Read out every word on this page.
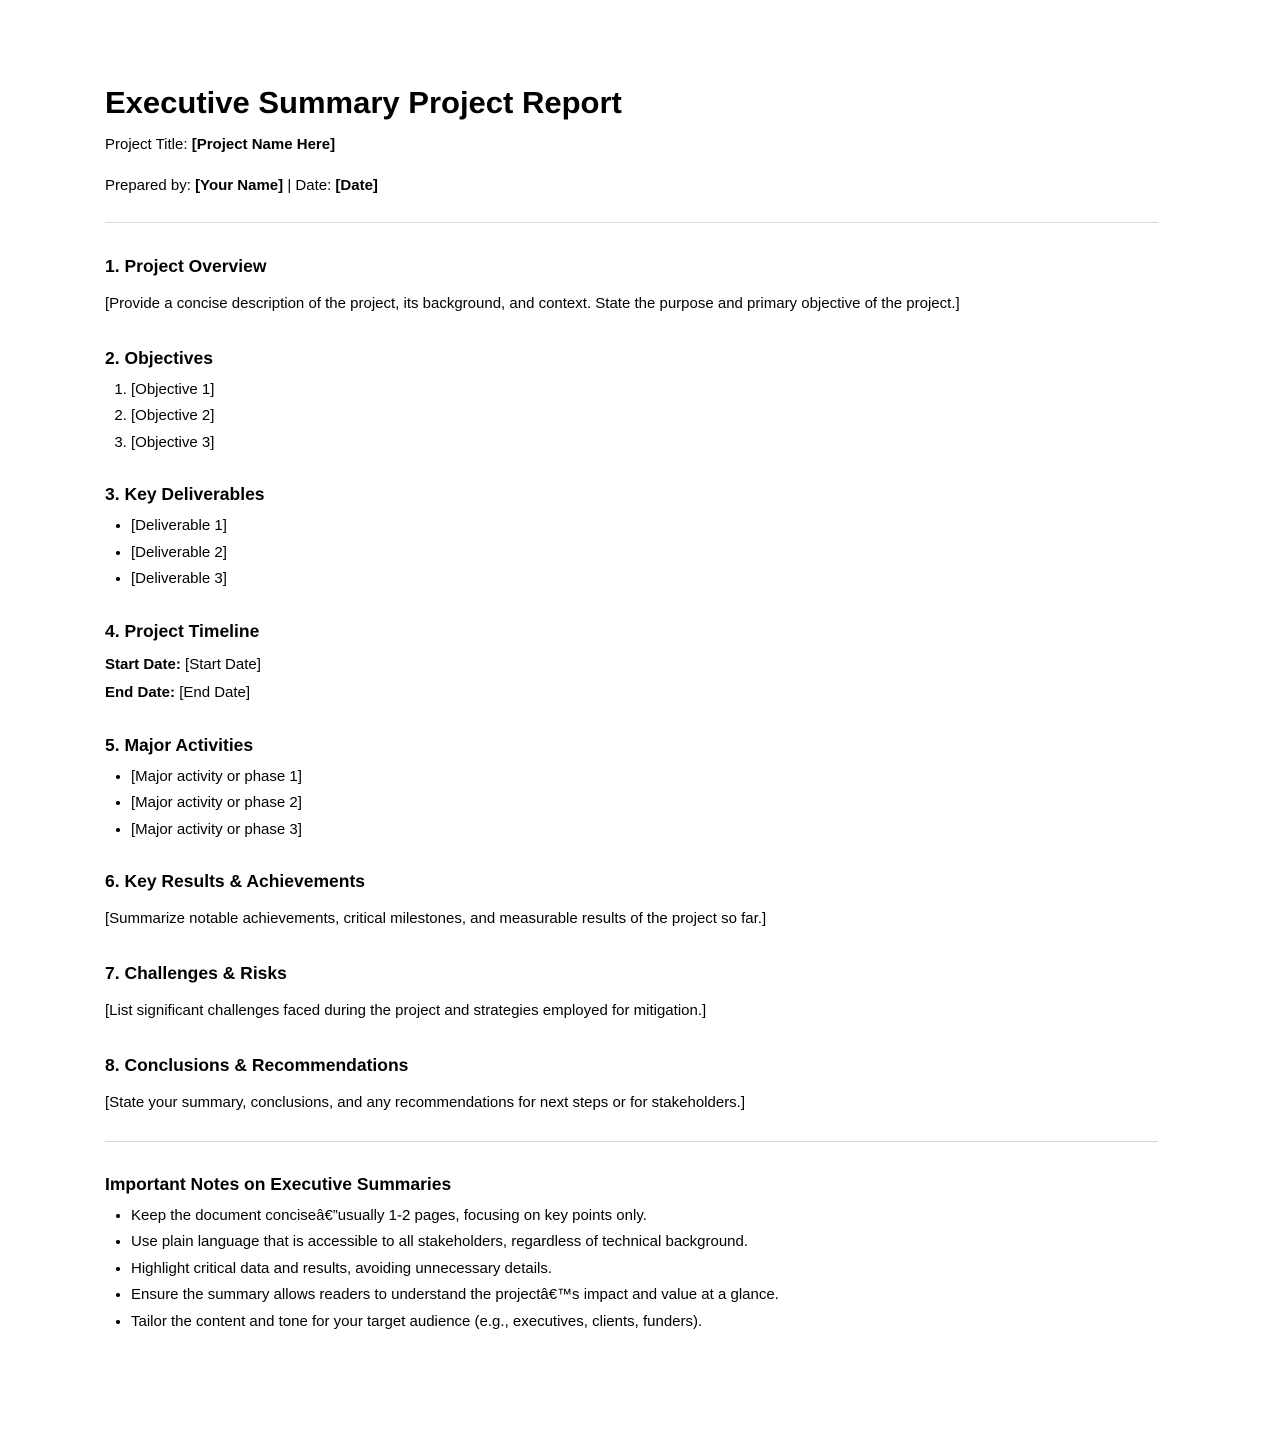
Executive Summary Project Report

Project Title: [Project Name Here]

Prepared by: [Your Name] | Date: [Date]

1. Project Overview

[Provide a concise description of the project, its background, and context. State the purpose and primary objective of the project.]

2. Objectives
1. [Objective 1]
2. [Objective 2]
3. [Objective 3]
3. Key Deliverables
• [Deliverable 1]
• [Deliverable 2]
• [Deliverable 3]
4. Project Timeline

Start Date: [Start Date]

End Date: [End Date]

5. Major Activities
• [Major activity or phase 1]
• [Major activity or phase 2]
• [Major activity or phase 3]
6. Key Results & Achievements

[Summarize notable achievements, critical milestones, and measurable results of the project so far.]

7. Challenges & Risks

[List significant challenges faced during the project and strategies employed for mitigation.]

8. Conclusions & Recommendations

[State your summary, conclusions, and any recommendations for next steps or for stakeholders.]

Important Notes on Executive Summaries
• Keep the document conciseâ€”usually 1-2 pages, focusing on key points only.
• Use plain language that is accessible to all stakeholders, regardless of technical background.
• Highlight critical data and results, avoiding unnecessary details.
• Ensure the summary allows readers to understand the projectâ€™s impact and value at a glance.
• Tailor the content and tone for your target audience (e.g., executives, clients, funders).
